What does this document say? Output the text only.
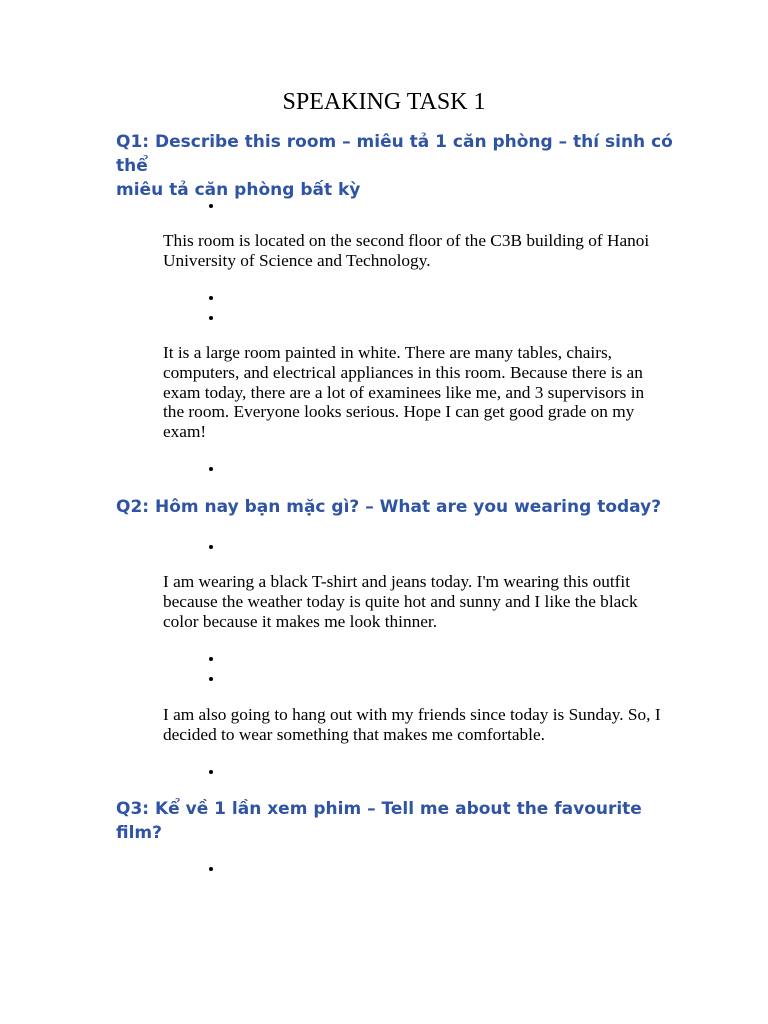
SPEAKING TASK 1
Q1: Describe this room – miêu tả 1 căn phòng – thí sinh có thể
miêu tả căn phòng bất kỳ
This room is located on the second floor of the C3B building of Hanoi University of Science and Technology.
It is a large room painted in white. There are many tables, chairs, computers, and electrical appliances in this room. Because there is an exam today, there are a lot of examinees like me, and 3 supervisors in the room. Everyone looks serious. Hope I can get good grade on my exam!
Q2: Hôm nay bạn mặc gì? – What are you wearing today?
I am wearing a black T-shirt and jeans today. I'm wearing this outfit because the weather today is quite hot and sunny and I like the black color because it makes me look thinner.
I am also going to hang out with my friends since today is Sunday. So, I decided to wear something that makes me comfortable.
Q3: Kể về 1 lần xem phim – Tell me about the favourite film?
